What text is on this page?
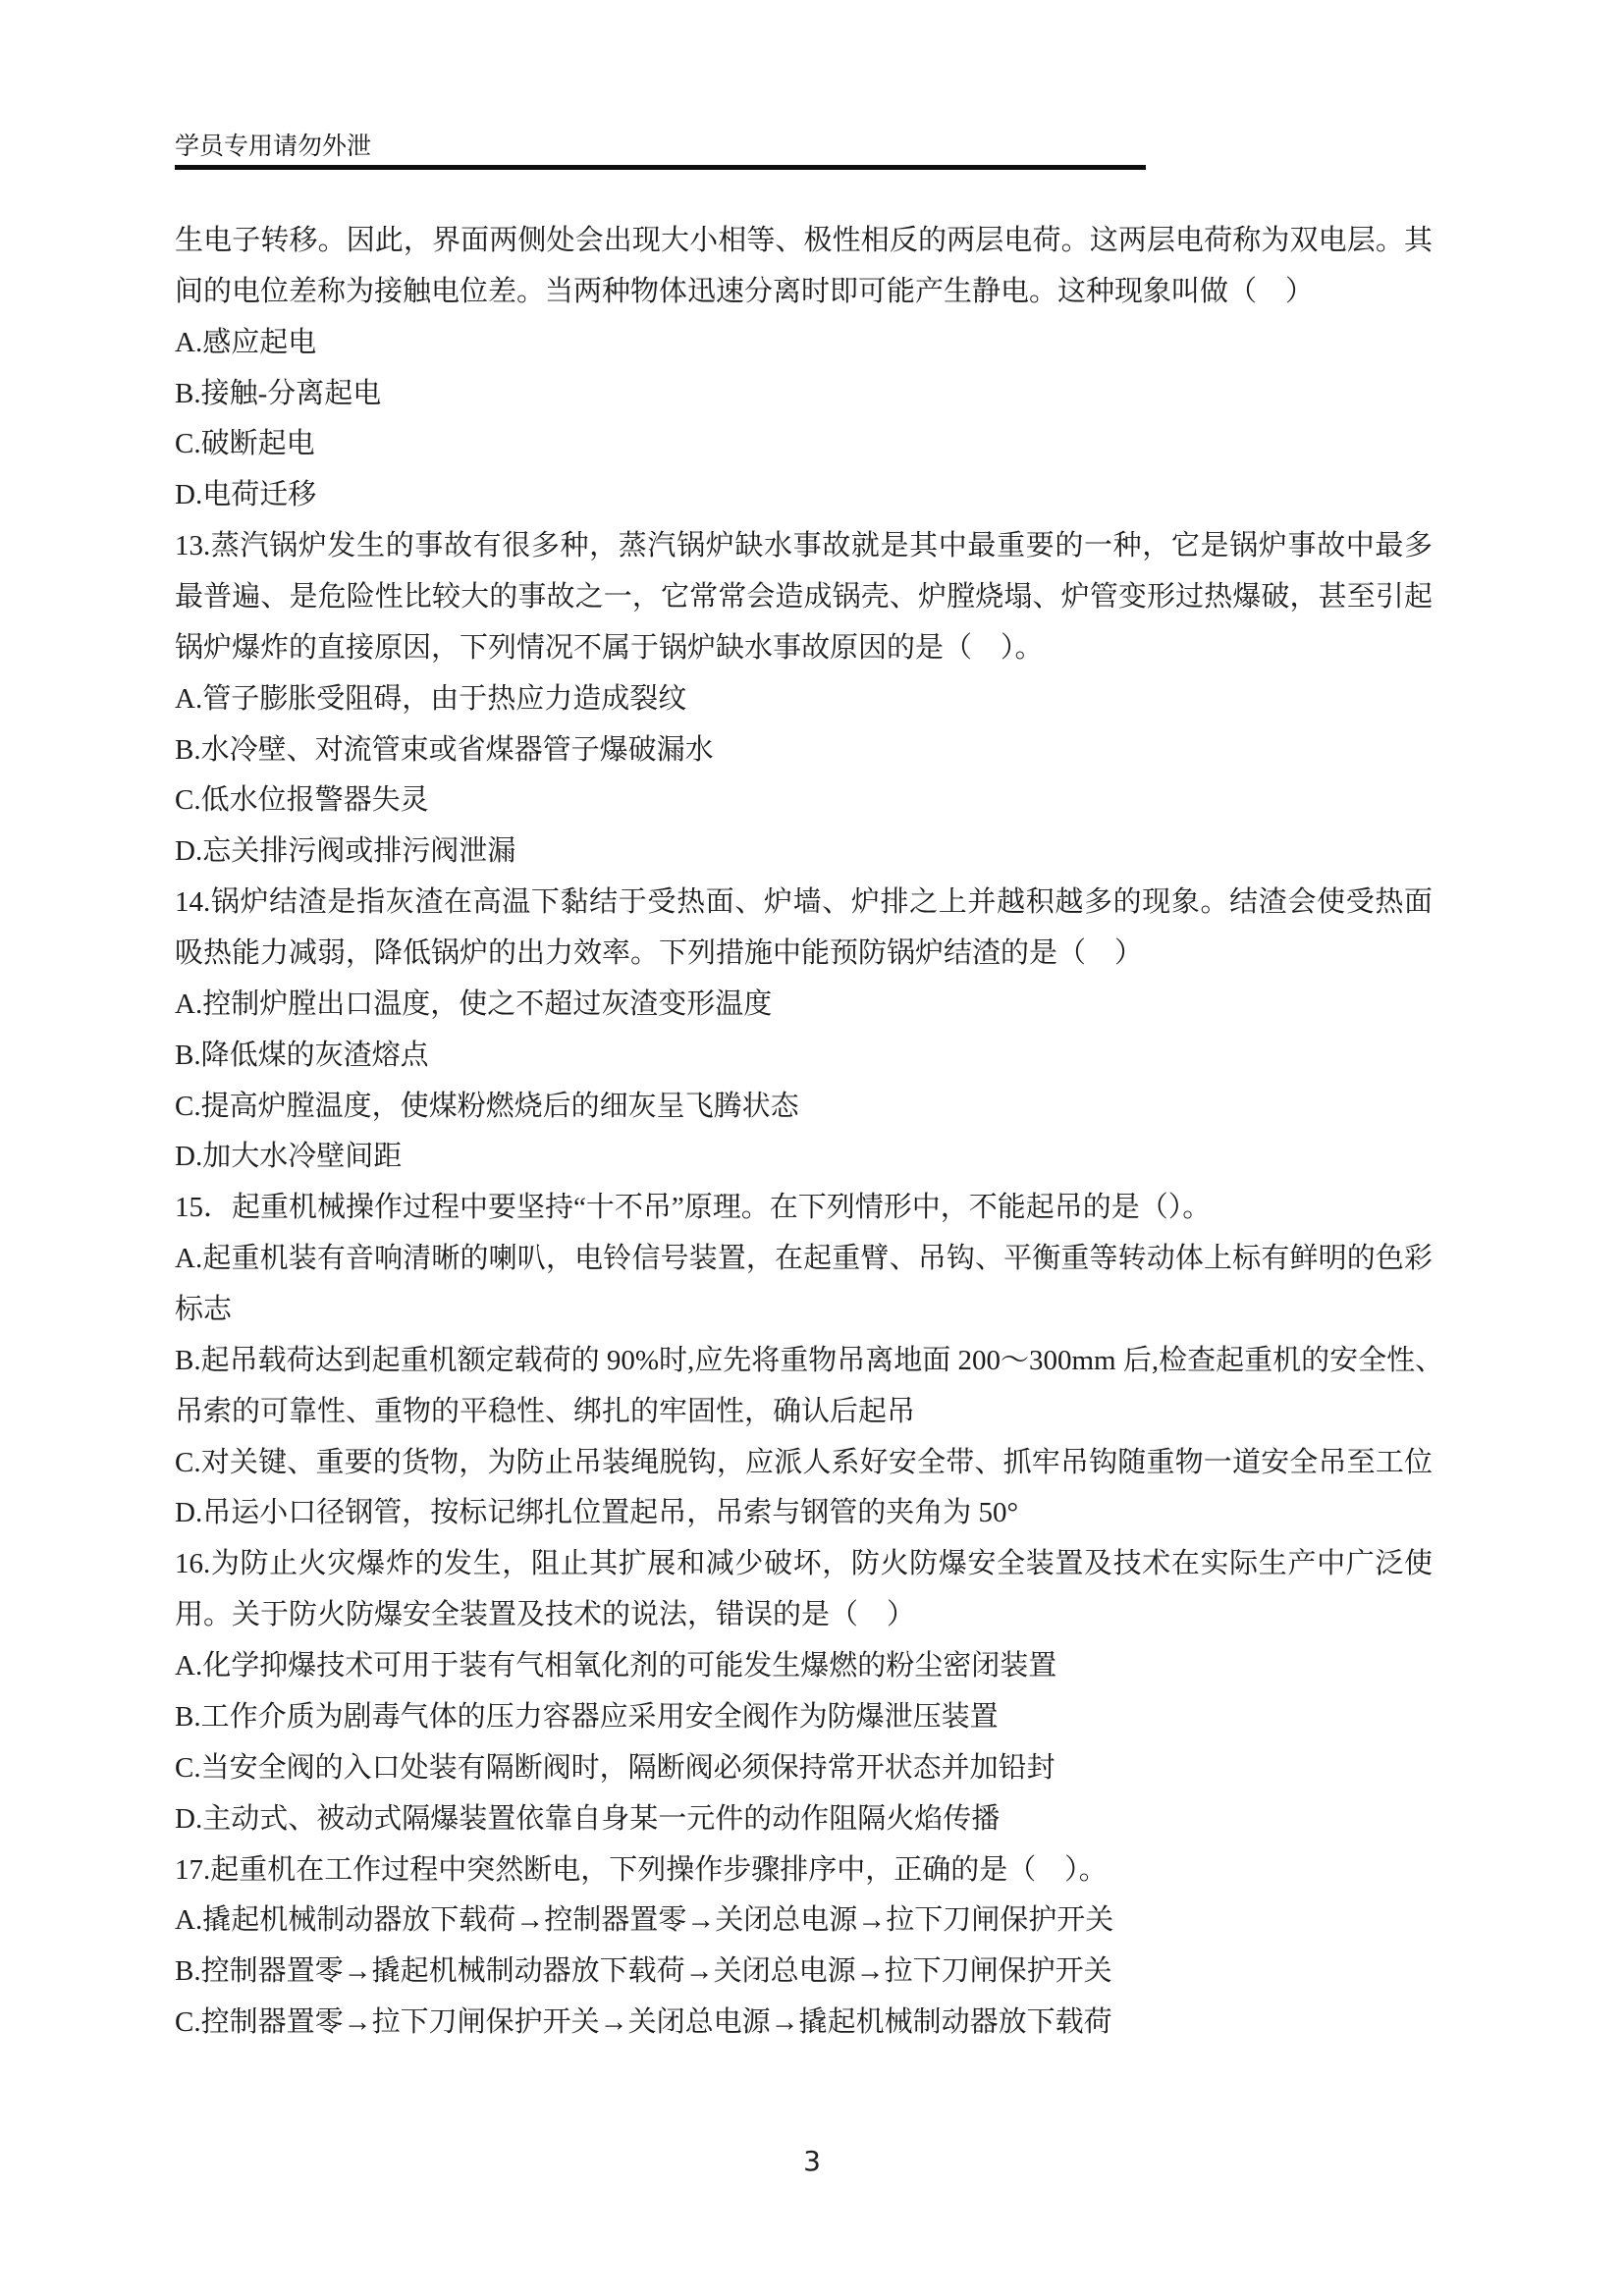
学员专用请勿外泄
生电子转移。因此，界面两侧处会出现大小相等、极性相反的两层电荷。这两层电荷称为双电层。其
间的电位差称为接触电位差。当两种物体迅速分离时即可能产生静电。这种现象叫做（　）
A.感应起电
B.接触-分离起电
C.破断起电
D.电荷迁移
13.蒸汽锅炉发生的事故有很多种，蒸汽锅炉缺水事故就是其中最重要的一种，它是锅炉事故中最多
最普遍、是危险性比较大的事故之一，它常常会造成锅壳、炉膛烧塌、炉管变形过热爆破，甚至引起
锅炉爆炸的直接原因，下列情况不属于锅炉缺水事故原因的是（　）。
A.管子膨胀受阻碍，由于热应力造成裂纹
B.水冷壁、对流管束或省煤器管子爆破漏水
C.低水位报警器失灵
D.忘关排污阀或排污阀泄漏
14.锅炉结渣是指灰渣在高温下黏结于受热面、炉墙、炉排之上并越积越多的现象。结渣会使受热面
吸热能力减弱，降低锅炉的出力效率。下列措施中能预防锅炉结渣的是（　）
A.控制炉膛出口温度，使之不超过灰渣变形温度
B.降低煤的灰渣熔点
C.提高炉膛温度，使煤粉燃烧后的细灰呈飞腾状态
D.加大水冷壁间距
15．起重机械操作过程中要坚持“十不吊”原理。在下列情形中，不能起吊的是（）。
A.起重机装有音响清晰的喇叭，电铃信号装置，在起重臂、吊钩、平衡重等转动体上标有鲜明的色彩
标志
B.起吊载荷达到起重机额定载荷的 90%时,应先将重物吊离地面 200～300mm 后,检查起重机的安全性、
吊索的可靠性、重物的平稳性、绑扎的牢固性，确认后起吊
C.对关键、重要的货物，为防止吊装绳脱钩，应派人系好安全带、抓牢吊钩随重物一道安全吊至工位
D.吊运小口径钢管，按标记绑扎位置起吊，吊索与钢管的夹角为 50°
16.为防止火灾爆炸的发生，阻止其扩展和减少破坏，防火防爆安全装置及技术在实际生产中广泛使
用。关于防火防爆安全装置及技术的说法，错误的是（　）
A.化学抑爆技术可用于装有气相氧化剂的可能发生爆燃的粉尘密闭装置
B.工作介质为剧毒气体的压力容器应采用安全阀作为防爆泄压装置
C.当安全阀的入口处装有隔断阀时，隔断阀必须保持常开状态并加铅封
D.主动式、被动式隔爆装置依靠自身某一元件的动作阻隔火焰传播
17.起重机在工作过程中突然断电，下列操作步骤排序中，正确的是（　）。
A.撬起机械制动器放下载荷→控制器置零→关闭总电源→拉下刀闸保护开关
B.控制器置零→撬起机械制动器放下载荷→关闭总电源→拉下刀闸保护开关
C.控制器置零→拉下刀闸保护开关→关闭总电源→撬起机械制动器放下载荷
3
